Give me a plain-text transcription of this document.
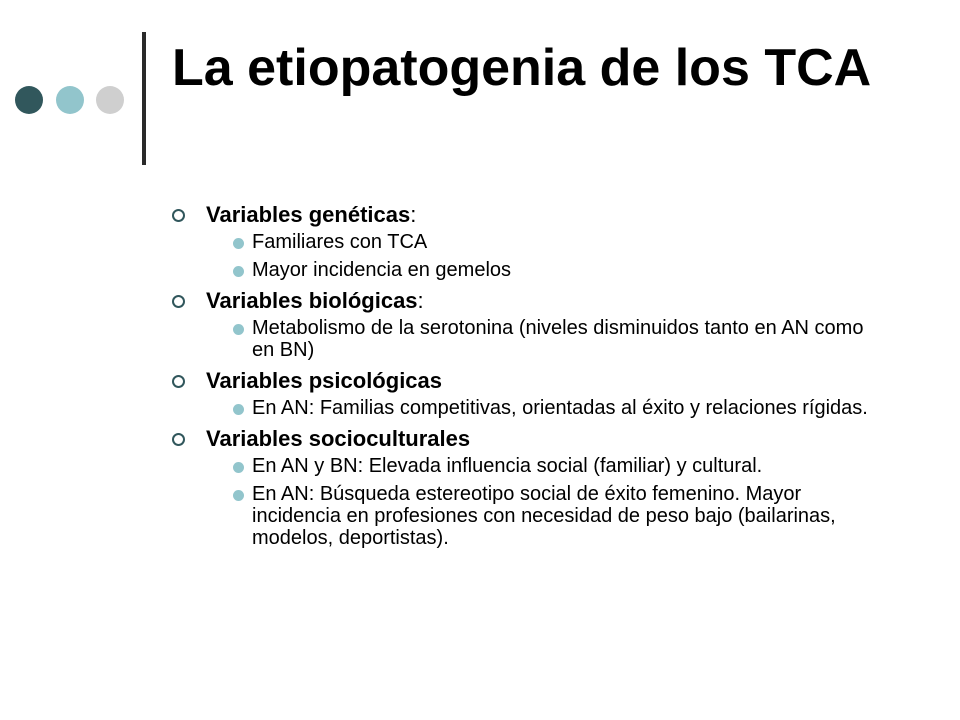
La etiopatogenia de los TCA
Variables genéticas:
Familiares con TCA
Mayor incidencia en gemelos
Variables biológicas:
Metabolismo de la serotonina (niveles disminuidos tanto en AN como en BN)
Variables psicológicas
En AN: Familias competitivas, orientadas al éxito y relaciones rígidas.
Variables socioculturales
En AN y BN: Elevada influencia social (familiar) y cultural.
En AN: Búsqueda estereotipo social de éxito femenino. Mayor incidencia en profesiones con necesidad de peso bajo (bailarinas, modelos, deportistas).
